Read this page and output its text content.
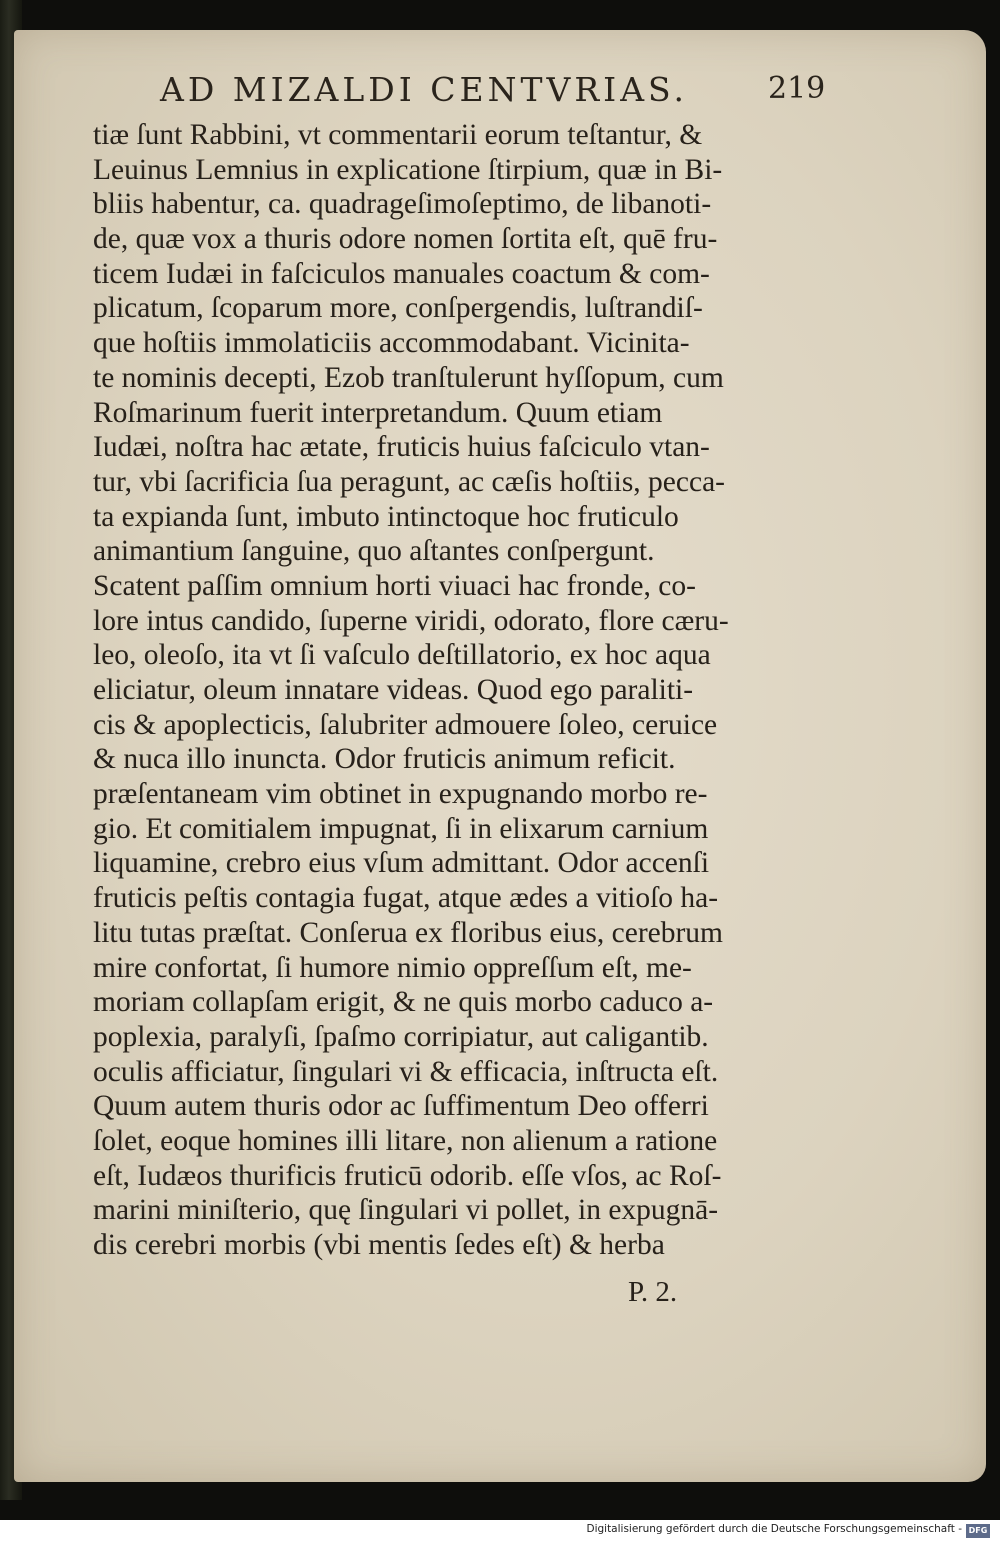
AD MIZALDI CENTVRIAS.	219
tiæ ſunt Rabbini, vt commentarii eorum teſtantur, &
Leuinus Lemnius in explicatione ſtirpium, quæ in Bi-
bliis habentur, ca. quadrageſimoſeptimo, de libanoti-
de, quæ vox a thuris odore nomen ſortita eſt, quē fru-
ticem Iudæi in faſciculos manuales coactum & com-
plicatum, ſcoparum more, conſpergendis, luſtrandiſ-
que hoſtiis immolaticiis accommodabant. Vicinita-
te nominis decepti, Ezob tranſtulerunt hyſſopum, cum
Roſmarinum fuerit interpretandum. Quum etiam
Iudæi, noſtra hac ætate, fruticis huius faſciculo vtan-
tur, vbi ſacrificia ſua peragunt, ac cæſis hoſtiis, pecca-
ta expianda ſunt, imbuto intinctoque hoc fruticulo
animantium ſanguine, quo aſtantes conſpergunt.
Scatent paſſim omnium horti viuaci hac fronde, co-
lore intus candido, ſuperne viridi, odorato, flore cæru-
leo, oleoſo, ita vt ſi vaſculo deſtillatorio, ex hoc aqua
eliciatur, oleum innatare videas. Quod ego paraliti-
cis & apoplecticis, ſalubriter admouere ſoleo, ceruice
& nuca illo inuncta. Odor fruticis animum reficit.
præſentaneam vim obtinet in expugnando morbo re-
gio. Et comitialem impugnat, ſi in elixarum carnium
liquamine, crebro eius vſum admittant. Odor accenſi
fruticis peſtis contagia fugat, atque ædes a vitioſo ha-
litu tutas præſtat. Conſerua ex floribus eius, cerebrum
mire confortat, ſi humore nimio oppreſſum eſt, me-
moriam collapſam erigit, & ne quis morbo caduco a-
poplexia, paralyſi, ſpaſmo corripiatur, aut caligantib.
oculis afficiatur, ſingulari vi & efficacia, inſtructa eſt.
Quum autem thuris odor ac ſuffimentum Deo offerri
ſolet, eoque homines illi litare, non alienum a ratione
eſt, Iudæos thurificis fruticū odorib. eſſe vſos, ac Roſ-
marini miniſterio, quę ſingulari vi pollet, in expugnā-
dis cerebri morbis (vbi mentis ſedes eſt) & herba
P. 2.
Digitalisierung gefördert durch die Deutsche Forschungsgemeinschaft - DFG
